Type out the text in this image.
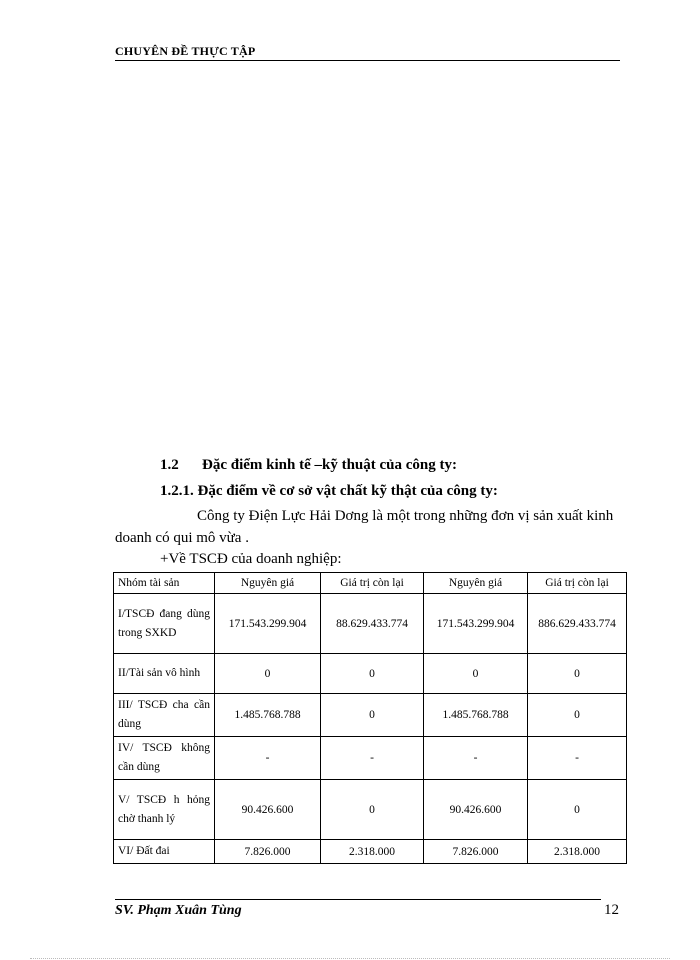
CHUYÊN ĐỀ THỰC TẬP
1.2 Đặc điểm kinh tế –kỹ thuật của công ty:
1.2.1. Đặc điểm về cơ sở vật chất kỹ thật của công ty:
Công ty Điện Lực Hải Dơng là một trong những đơn vị sản xuất kinh doanh có qui mô vừa .
+Về TSCĐ của doanh nghiệp:
Nhóm tài sản	Nguyên giá	Giá trị còn lại	Nguyên giá	Giá trị còn lại
I/TSCĐ đang dùng trong SXKD	171.543.299.904	88.629.433.774	171.543.299.904	886.629.433.774
II/Tài sản vô hình	0	0	0	0
III/ TSCĐ cha cần dùng	1.485.768.788	0	1.485.768.788	0
IV/ TSCĐ không cần dùng	-	-	-	-
V/ TSCĐ h hỏng chờ thanh lý	90.426.600	0	90.426.600	0
VI/ Đất đai	7.826.000	2.318.000	7.826.000	2.318.000
SV. Phạm Xuân Tùng	12
